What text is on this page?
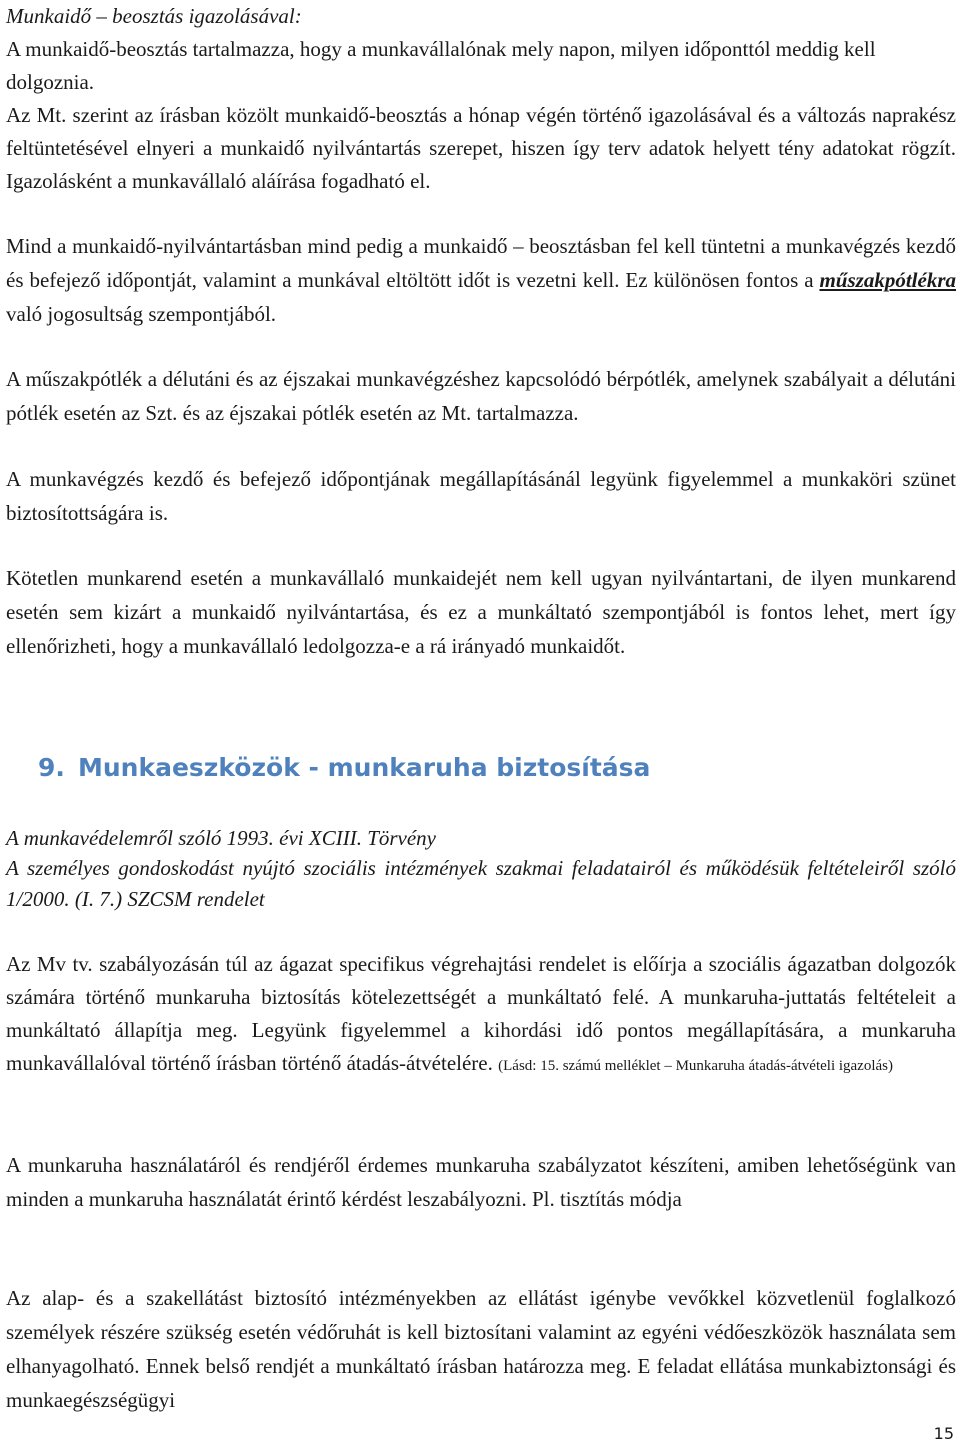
Munkaidő – beosztás igazolásával:

A munkaidő-beosztás tartalmazza, hogy a munkavállalónak mely napon, milyen időponttól meddig kell dolgoznia.

Az Mt. szerint az írásban közölt munkaidő-beosztás a hónap végén történő igazolásával és a változás naprakész feltüntetésével elnyeri a munkaidő nyilvántartás szerepet, hiszen így terv adatok helyett tény adatokat rögzít. Igazolásként a munkavállaló aláírása fogadható el.

Mind a munkaidő-nyilvántartásban mind pedig a munkaidő – beosztásban fel kell tüntetni a munkavégzés kezdő és befejező időpontját, valamint a munkával eltöltött időt is vezetni kell. Ez különösen fontos a műszakpótlékra való jogosultság szempontjából.

A műszakpótlék a délutáni és az éjszakai munkavégzéshez kapcsolódó bérpótlék, amelynek szabályait a délutáni pótlék esetén az Szt. és az éjszakai pótlék esetén az Mt. tartalmazza.

A munkavégzés kezdő és befejező időpontjának megállapításánál legyünk figyelemmel a munkaköri szünet biztosítottságára is.

Kötetlen munkarend esetén a munkavállaló munkaidejét nem kell ugyan nyilvántartani, de ilyen munkarend esetén sem kizárt a munkaidő nyilvántartása, és ez a munkáltató szempontjából is fontos lehet, mert így ellenőrizheti, hogy a munkavállaló ledolgozza-e a rá irányadó munkaidőt.

9. Munkaeszközök - munkaruha biztosítása

A munkavédelemről szóló 1993. évi XCIII. Törvény

A személyes gondoskodást nyújtó szociális intézmények szakmai feladatairól és működésük feltételeiről szóló 1/2000. (I. 7.) SZCSM rendelet

Az Mv tv. szabályozásán túl az ágazat specifikus végrehajtási rendelet is előírja a szociális ágazatban dolgozók számára történő munkaruha biztosítás kötelezettségét a munkáltató felé. A munkaruha-juttatás feltételeit a munkáltató állapítja meg. Legyünk figyelemmel a kihordási idő pontos megállapítására, a munkaruha munkavállalóval történő írásban történő átadás-átvételére. (Lásd: 15. számú melléklet – Munkaruha átadás-átvételi igazolás)

A munkaruha használatáról és rendjéről érdemes munkaruha szabályzatot készíteni, amiben lehetőségünk van minden a munkaruha használatát érintő kérdést leszabályozni. Pl. tisztítás módja

Az alap- és a szakellátást biztosító intézményekben az ellátást igénybe vevőkkel közvetlenül foglalkozó személyek részére szükség esetén védőruhát is kell biztosítani valamint az egyéni védőeszközök használata sem elhanyagolható. Ennek belső rendjét a munkáltató írásban határozza meg. E feladat ellátása munkabiztonsági és munkaegészségügyi

15
